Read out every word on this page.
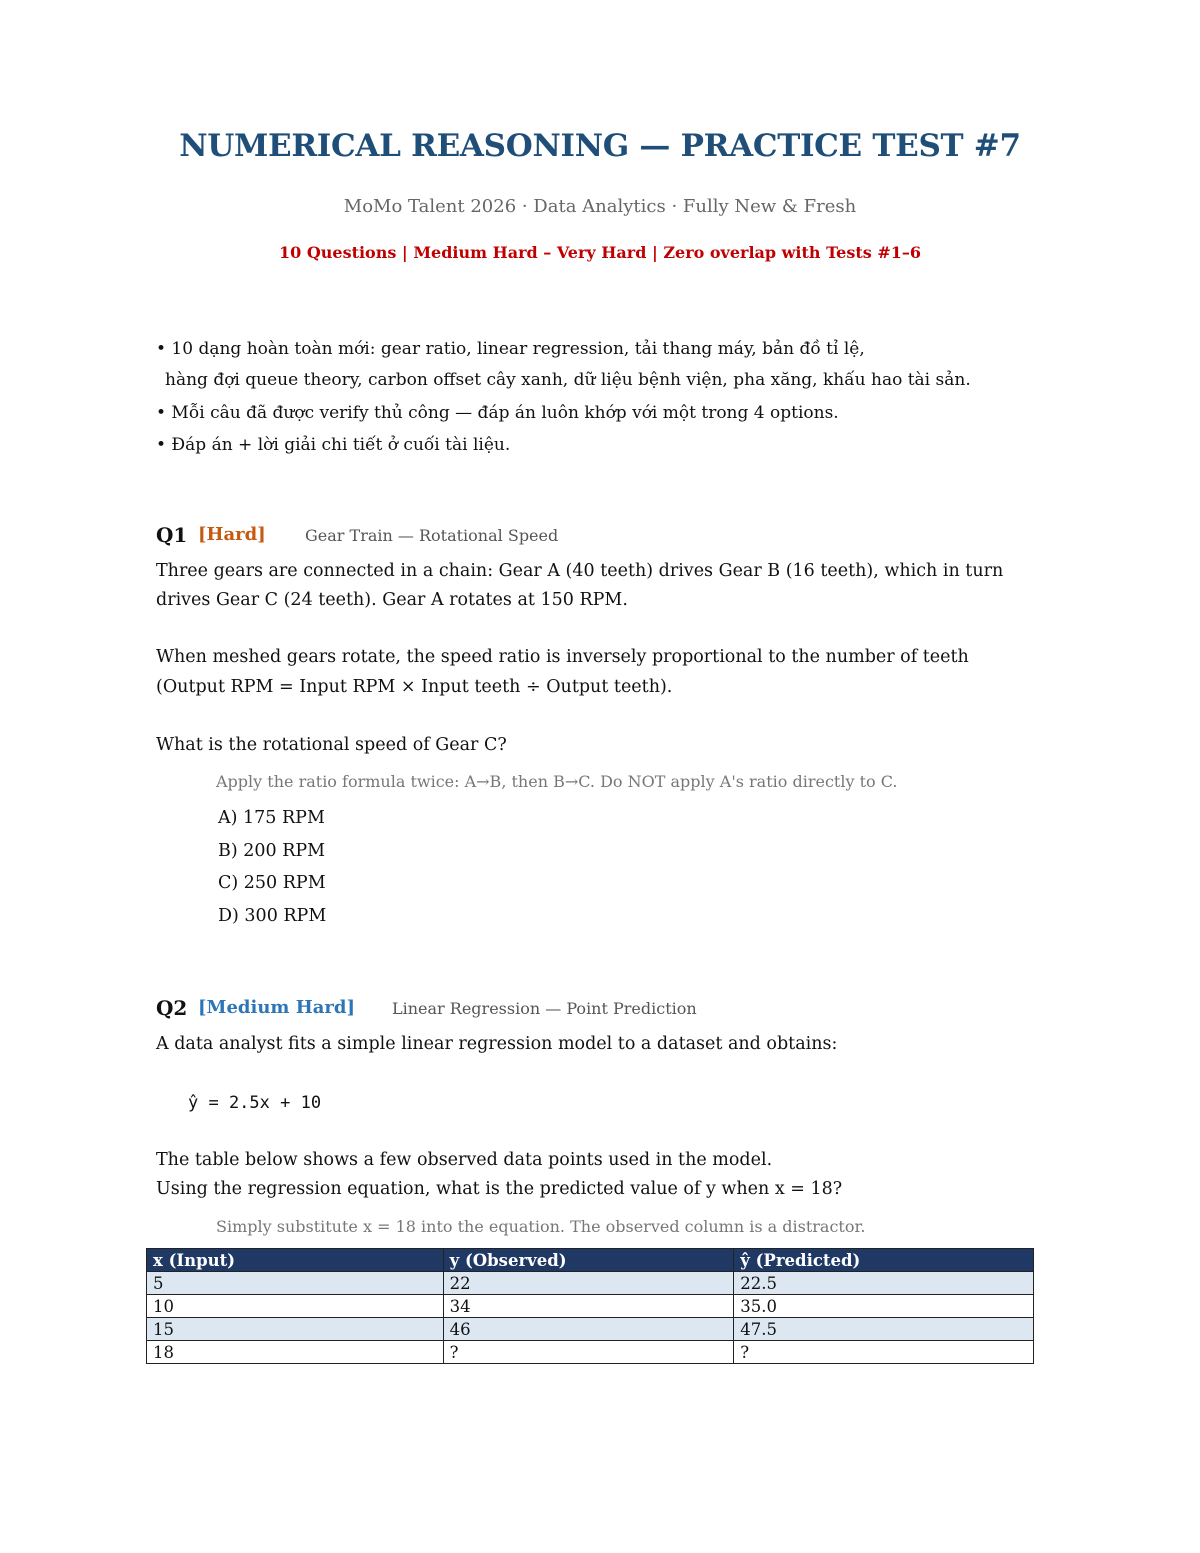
NUMERICAL REASONING — PRACTICE TEST #7
MoMo Talent 2026 · Data Analytics · Fully New & Fresh
10 Questions | Medium Hard – Very Hard | Zero overlap with Tests #1–6
• 10 dạng hoàn toàn mới: gear ratio, linear regression, tải thang máy, bản đồ tỉ lệ,
hàng đợi queue theory, carbon offset cây xanh, dữ liệu bệnh viện, pha xăng, khấu hao tài sản.
• Mỗi câu đã được verify thủ công — đáp án luôn khớp với một trong 4 options.
• Đáp án + lời giải chi tiết ở cuối tài liệu.
Q1 [Hard] Gear Train — Rotational Speed
Three gears are connected in a chain: Gear A (40 teeth) drives Gear B (16 teeth), which in turn
drives Gear C (24 teeth). Gear A rotates at 150 RPM.
When meshed gears rotate, the speed ratio is inversely proportional to the number of teeth
(Output RPM = Input RPM × Input teeth ÷ Output teeth).
What is the rotational speed of Gear C?
Apply the ratio formula twice: A→B, then B→C. Do NOT apply A's ratio directly to C.
A) 175 RPM
B) 200 RPM
C) 250 RPM
D) 300 RPM
Q2 [Medium Hard] Linear Regression — Point Prediction
A data analyst fits a simple linear regression model to a dataset and obtains:
ŷ = 2.5x + 10
The table below shows a few observed data points used in the model.
Using the regression equation, what is the predicted value of y when x = 18?
Simply substitute x = 18 into the equation. The observed column is a distractor.
x (Input)	y (Observed)	ŷ (Predicted)
5	22	22.5
10	34	35.0
15	46	47.5
18	?	?
